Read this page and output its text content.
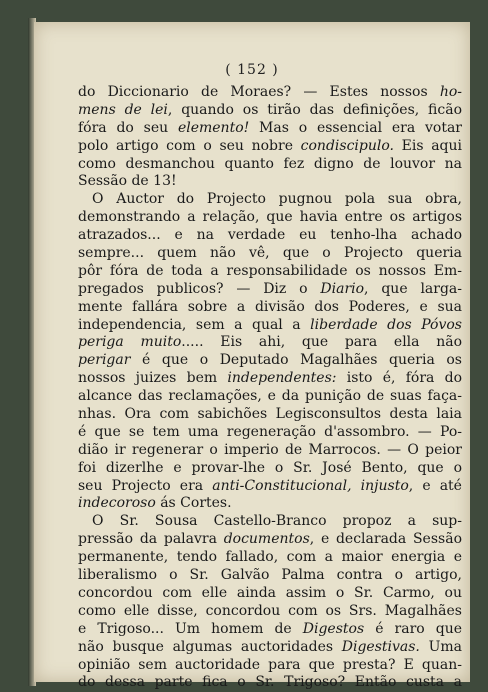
( 152 )
do Diccionario de Moraes? — Estes nossos ho-
mens de lei, quando os tirão das definições, ficão
fóra do seu elemento! Mas o essencial era votar
polo artigo com o seu nobre condiscipulo. Eis aqui
como desmanchou quanto fez digno de louvor na
Sessão de 13!
O Auctor do Projecto pugnou pola sua obra,
demonstrando a relação, que havia entre os artigos
atrazados... e na verdade eu tenho-lha achado
sempre... quem não vê, que o Projecto queria
pôr fóra de toda a responsabilidade os nossos Em-
pregados publicos? — Diz o Diario, que larga-
mente fallára sobre a divisão dos Poderes, e sua
independencia, sem a qual a liberdade dos Póvos
periga muito..... Eis ahi, que para ella não
perigar é que o Deputado Magalhães queria os
nossos juizes bem independentes: isto é, fóra do
alcance das reclamações, e da punição de suas faça-
nhas. Ora com sabichões Legisconsultos desta laia
é que se tem uma regeneração d'assombro. — Po-
dião ir regenerar o imperio de Marrocos. — O peior
foi dizerlhe e provar-lhe o Sr. José Bento, que o
seu Projecto era anti-Constitucional, injusto, e até
indecoroso ás Cortes.
O Sr. Sousa Castello-Branco propoz a sup-
pressão da palavra documentos, e declarada Sessão
permanente, tendo fallado, com a maior energia e
liberalismo o Sr. Galvão Palma contra o artigo,
concordou com elle ainda assim o Sr. Carmo, ou
como elle disse, concordou com os Srs. Magalhães
e Trigoso... Um homem de Digestos é raro que
não busque algumas auctoridades Digestivas. Uma
opinião sem auctoridade para que presta? E quan-
do dessa parte fica o Sr. Trigoso? Então custa a
